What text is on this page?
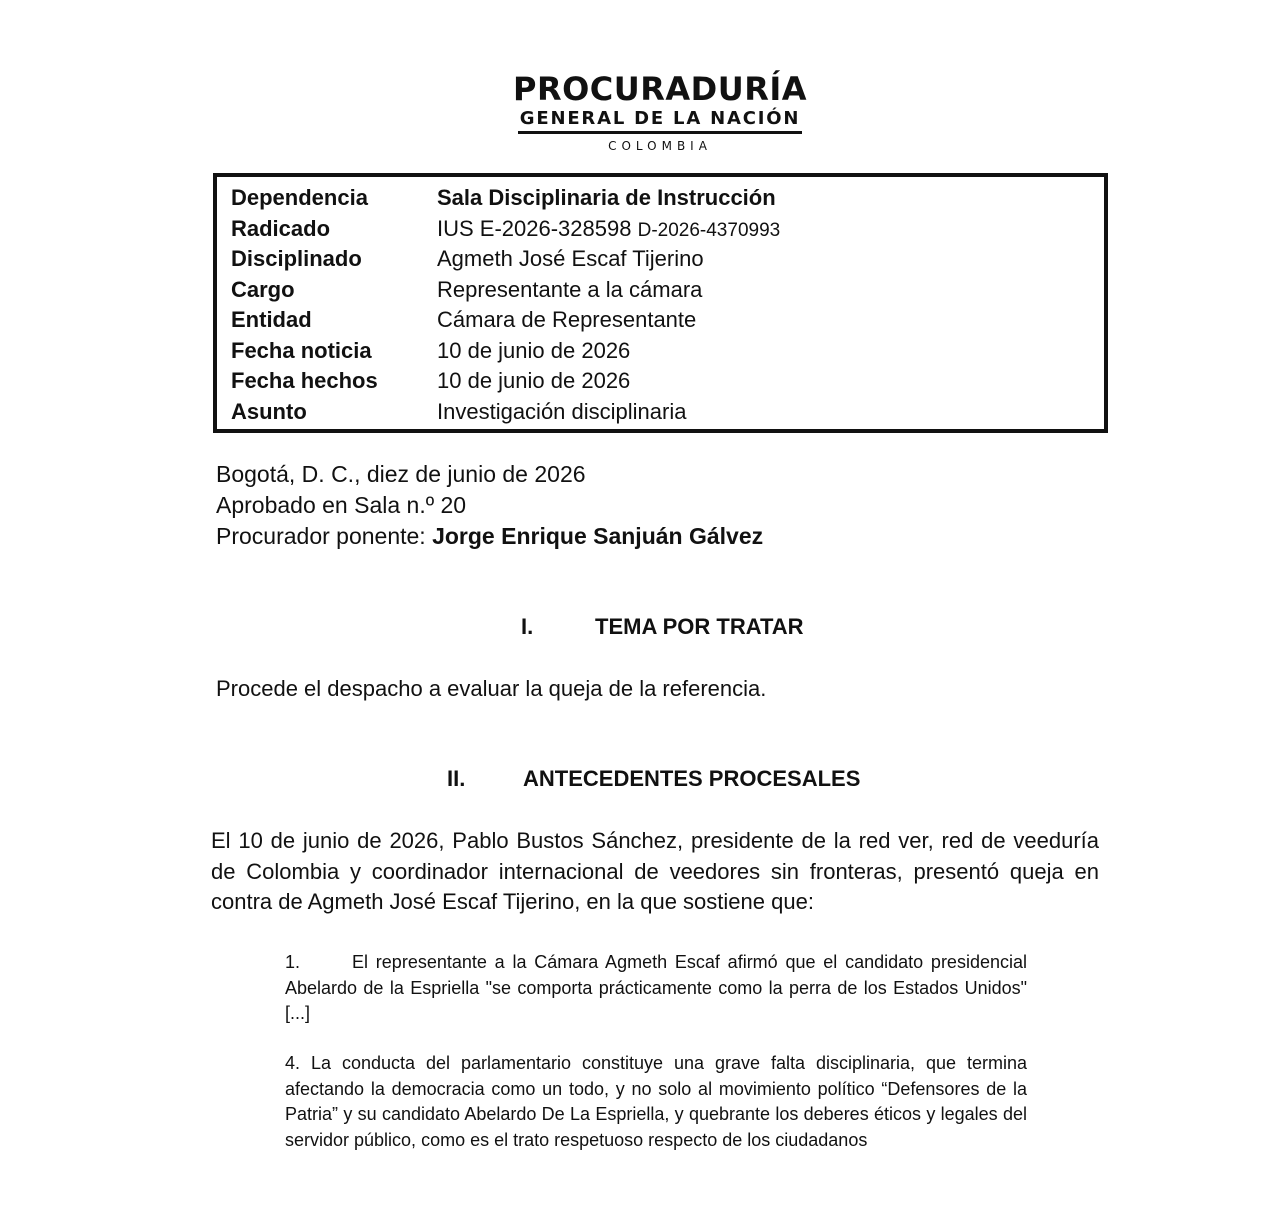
PROCURADURÍA
GENERAL DE LA NACIÓN
COLOMBIA
Dependencia	Sala Disciplinaria de Instrucción
Radicado	IUS E-2026-328598 D-2026-4370993
Disciplinado	Agmeth José Escaf Tijerino
Cargo	Representante a la cámara
Entidad	Cámara de Representante
Fecha noticia	10 de junio de 2026
Fecha hechos	10 de junio de 2026
Asunto	Investigación disciplinaria
Bogotá, D. C., diez de junio de 2026
Aprobado en Sala n.º 20
Procurador ponente: Jorge Enrique Sanjuán Gálvez
I.	TEMA POR TRATAR
Procede el despacho a evaluar la queja de la referencia.
II.	ANTECEDENTES PROCESALES
El 10 de junio de 2026, Pablo Bustos Sánchez, presidente de la red ver, red de veeduría de Colombia y coordinador internacional de veedores sin fronteras, presentó queja en contra de Agmeth José Escaf Tijerino, en la que sostiene que:
1.	El representante a la Cámara Agmeth Escaf afirmó que el candidato presidencial Abelardo de la Espriella "se comporta prácticamente como la perra de los Estados Unidos" [...]
4. La conducta del parlamentario constituye una grave falta disciplinaria, que termina afectando la democracia como un todo, y no solo al movimiento político “Defensores de la Patria” y su candidato Abelardo De La Espriella, y quebrante los deberes éticos y legales del servidor público, como es el trato respetuoso respecto de los ciudadanos
